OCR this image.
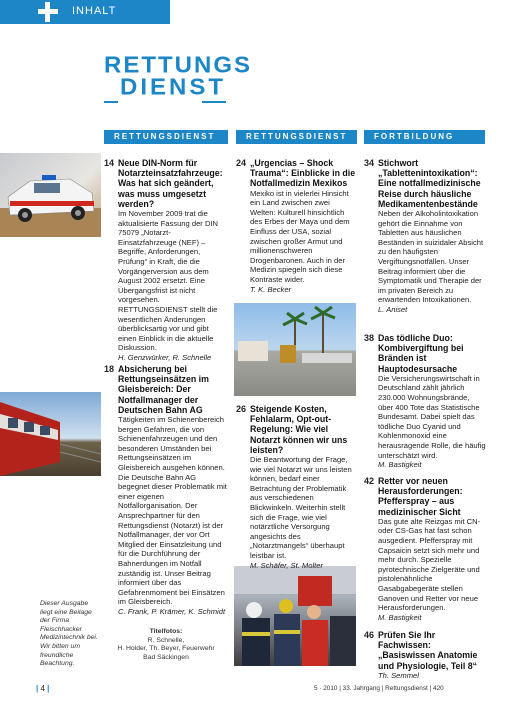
INHALT
RETTUNGS
DIENST
RETTUNGSDIENST	RETTUNGSDIENST	FORTBILDUNG
14 Neue DIN-Norm für Notarzteinsatzfahrzeuge: Was hat sich geändert, was muss umgesetzt werden?
Im November 2009 trat die aktualisierte Fassung der DIN 75079 „Notarzt-Einsatzfahrzeuge (NEF) – Begriffe, Anforderungen, Prüfung“ in Kraft, die die Vorgängerversion aus dem August 2002 ersetzt. Eine Übergangsfrist ist nicht vorgesehen. RETTUNGSDIENST stellt die wesentlichen Änderungen überblicksartig vor und gibt einen Einblick in die aktuelle Diskussion.
H. Genzwürker, R. Schnelle
18 Absicherung bei Rettungseinsätzen im Gleisbereich: Der Notfallmanager der Deutschen Bahn AG
Tätigkeiten im Schienenbereich bergen Gefahren, die von Schienenfahrzeugen und den besonderen Umständen bei Rettungseinsätzen im Gleisbereich ausgehen können. Die Deutsche Bahn AG begegnet dieser Problematik mit einer eigenen Notfallorganisation. Der Ansprechpartner für den Rettungsdienst (Notarzt) ist der Notfallmanager, der vor Ort Mitglied der Einsatzleitung und für die Durchführung der Bahnerdungen im Notfall zuständig ist. Unser Beitrag informiert über das Gefahrenmoment bei Einsätzen im Gleisbereich.
C. Frank, P. Krämer, K. Schmidt
24 „Urgencias – Shock Trauma“: Einblicke in die Notfallmedizin Mexikos
Mexiko ist in vielerlei Hinsicht ein Land zwischen zwei Welten: Kulturell hinsichtlich des Erbes der Maya und dem Einfluss der USA, sozial zwischen großer Armut und millionenschweren Drogenbaronen. Auch in der Medizin spiegeln sich diese Kontraste wider.
T. K. Becker
26 Steigende Kosten, Fehlalarm, Opt-out-Regelung: Wie viel Notarzt können wir uns leisten?
Die Beantwortung der Frage, wie viel Notarzt wir uns leisten können, bedarf einer Betrachtung der Problematik aus verschiedenen Blickwinkeln. Weiterhin stellt sich die Frage, wie viel notärztliche Versorgung angesichts des „Notarztmangels“ überhaupt leistbar ist.
M. Schäfer, St. Molter
34 Stichwort „Tablettenintoxikation“: Eine notfallmedizinische Reise durch häusliche Medikamentenbestände
Neben der Alkoholintoxikation gehört die Einnahme von Tabletten aus häuslichen Beständen in suizidaler Absicht zu den häufigsten Vergiftungsnotfällen. Unser Beitrag informiert über die Symptomatik und Therapie der im privaten Bereich zu erwartenden Intoxikationen.
L. Aniset
38 Das tödliche Duo: Kombivergiftung bei Bränden ist Hauptodesursache
Die Versicherungswirtschaft in Deutschland zählt jährlich 230.000 Wohnungsbrände, über 400 Tote das Statistische Bundesamt. Dabei spielt das tödliche Duo Cyanid und Kohlenmonoxid eine herausragende Rolle, die häufig unterschätzt wird.
M. Bastigkeit
42 Retter vor neuen Herausforderungen: Pfefferspray – aus medizinischer Sicht
Das gute alte Reizgas mit CN- oder CS-Gas hat fast schon ausgedient. Pfefferspray mit Capsaicin setzt sich mehr und mehr durch. Spezielle pyrotechnische Zielgeräte und pistolenähnliche Gasabgabegeräte stellen Ganoven und Retter vor neue Herausforderungen.
M. Bastigkeit
46 Prüfen Sie Ihr Fachwissen: „Basiswissen Anatomie und Physiologie, Teil 8“
Th. Semmel
Dieser Ausgabe liegt eine Beilage der Firma Fleischhacker Medizintechnik bei. Wir bitten um freundliche Beachtung.
Titelfotos:
R. Schnelle,
H. Holder, Th. Beyer, Feuerwehr
Bad Säckingen
| 4 |	5 · 2010 | 33. Jahrgang | Rettungsdienst | 420
